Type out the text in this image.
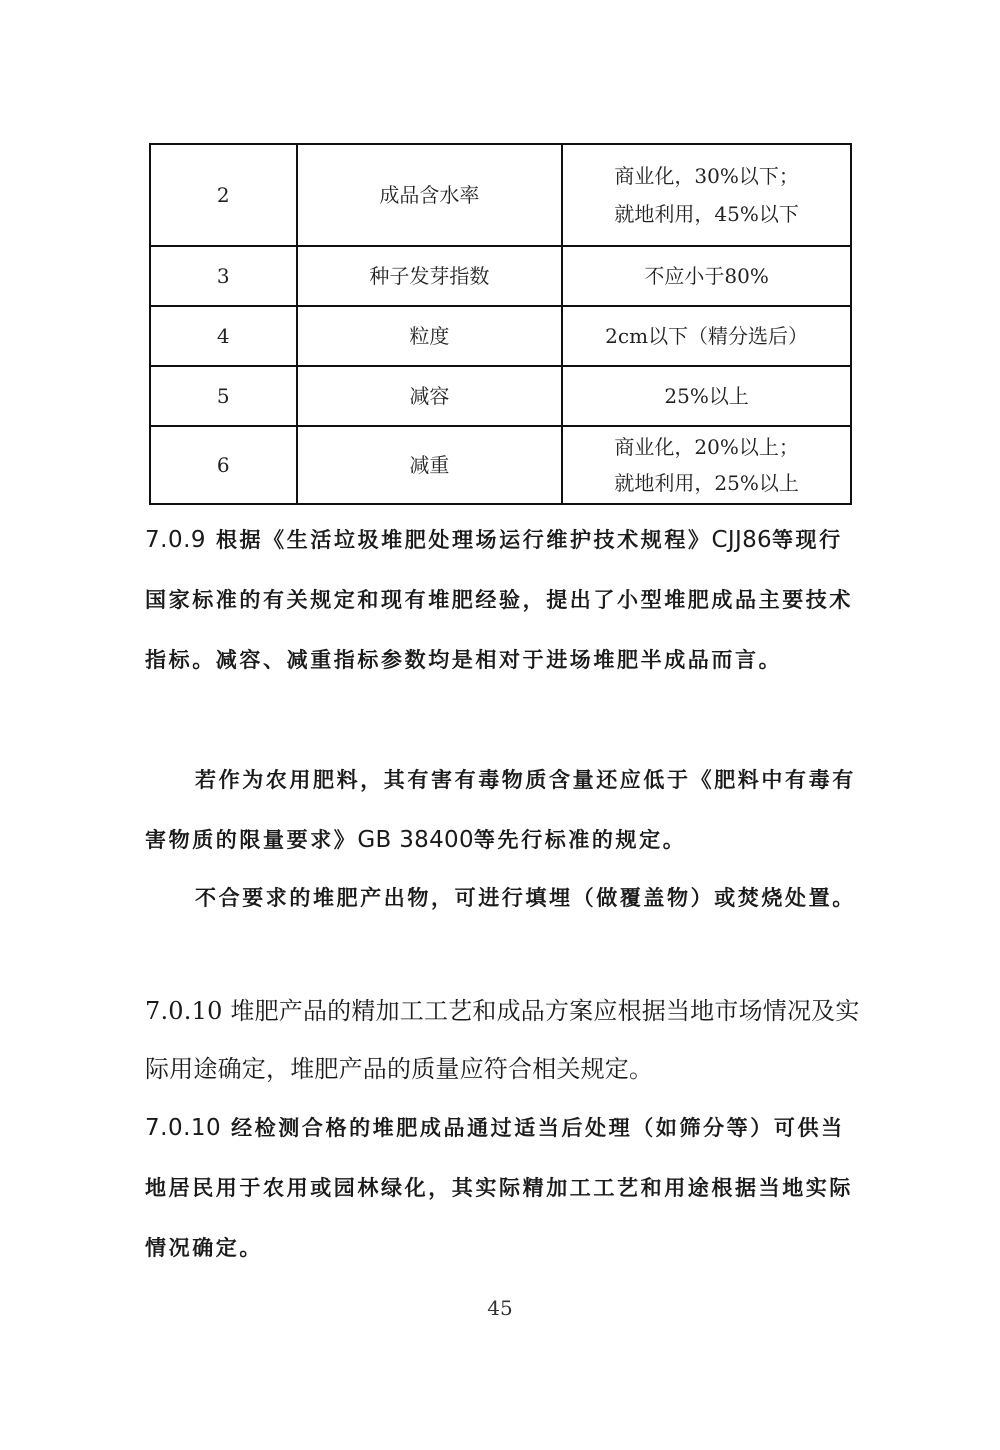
2	成品含水率	商业化，30%以下；
就地利用，45%以下

3	种子发芽指数	不应小于80%

4	粒度	2cm以下（精分选后）

5	减容	25%以上

6	减重	商业化，20%以上；
就地利用，25%以上

7.0.9 根据《生活垃圾堆肥处理场运行维护技术规程》CJJ86等现行国家标准的有关规定和现有堆肥经验，提出了小型堆肥成品主要技术指标。减容、减重指标参数均是相对于进场堆肥半成品而言。

若作为农用肥料，其有害有毒物质含量还应低于《肥料中有毒有害物质的限量要求》GB 38400等先行标准的规定。

不合要求的堆肥产出物，可进行填埋（做覆盖物）或焚烧处置。

7.0.10 堆肥产品的精加工工艺和成品方案应根据当地市场情况及实际用途确定，堆肥产品的质量应符合相关规定。

7.0.10 经检测合格的堆肥成品通过适当后处理（如筛分等）可供当地居民用于农用或园林绿化，其实际精加工工艺和用途根据当地实际情况确定。

45
